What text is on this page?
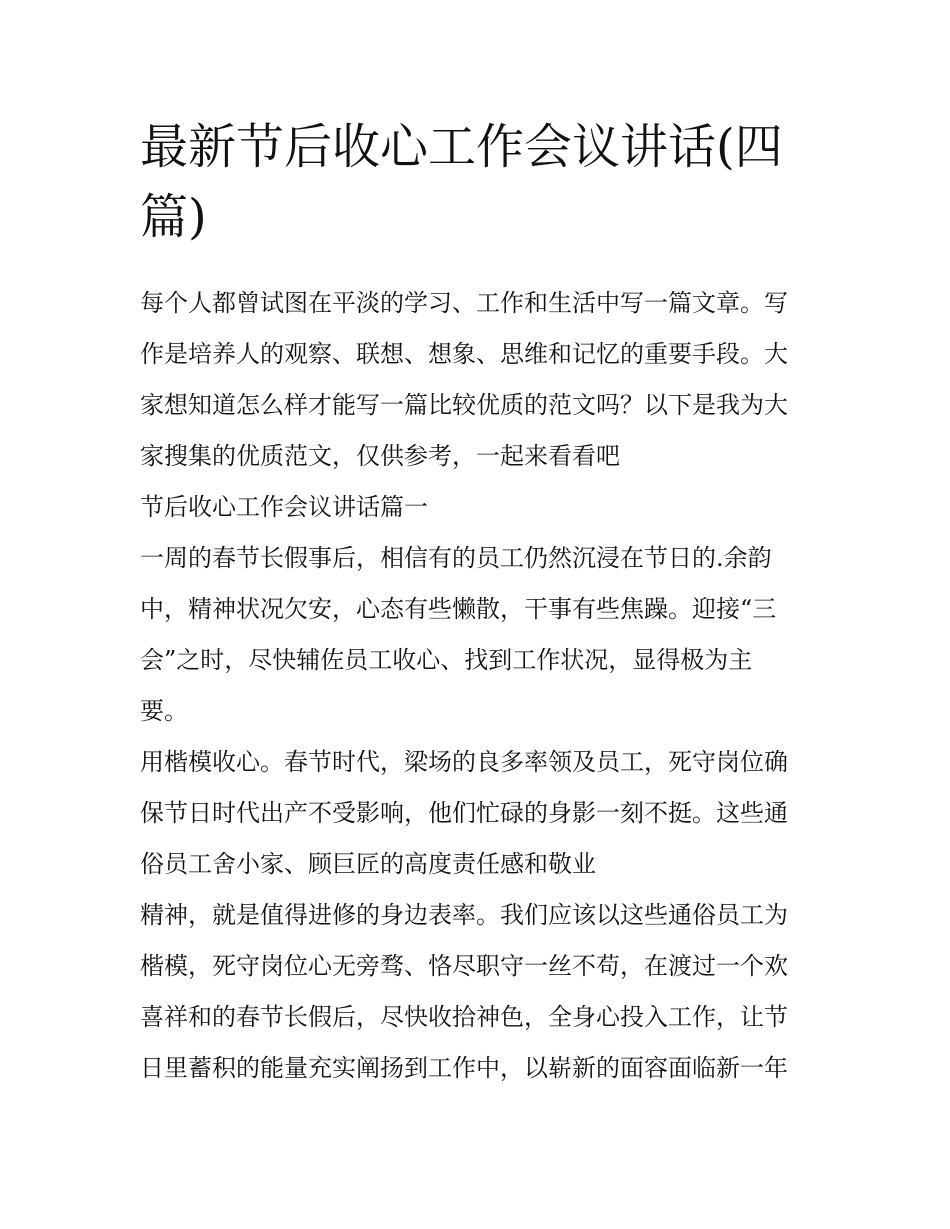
最新节后收心工作会议讲话(四
篇)
每个人都曾试图在平淡的学习、工作和生活中写一篇文章。写
作是培养人的观察、联想、想象、思维和记忆的重要手段。大
家想知道怎么样才能写一篇比较优质的范文吗？以下是我为大
家搜集的优质范文，仅供参考，一起来看看吧
节后收心工作会议讲话篇一
一周的春节长假事后，相信有的员工仍然沉浸在节日的.余韵
中，精神状况欠安，心态有些懒散，干事有些焦躁。迎接“三
会”之时，尽快辅佐员工收心、找到工作状况，显得极为主
要。
用楷模收心。春节时代，梁场的良多率领及员工，死守岗位确
保节日时代出产不受影响，他们忙碌的身影一刻不挺。这些通
俗员工舍小家、顾巨匠的高度责任感和敬业
精神，就是值得进修的身边表率。我们应该以这些通俗员工为
楷模，死守岗位心无旁骛、恪尽职守一丝不苟，在渡过一个欢
喜祥和的春节长假后，尽快收拾神色，全身心投入工作，让节
日里蓄积的能量充实阐扬到工作中，以崭新的面容面临新一年
